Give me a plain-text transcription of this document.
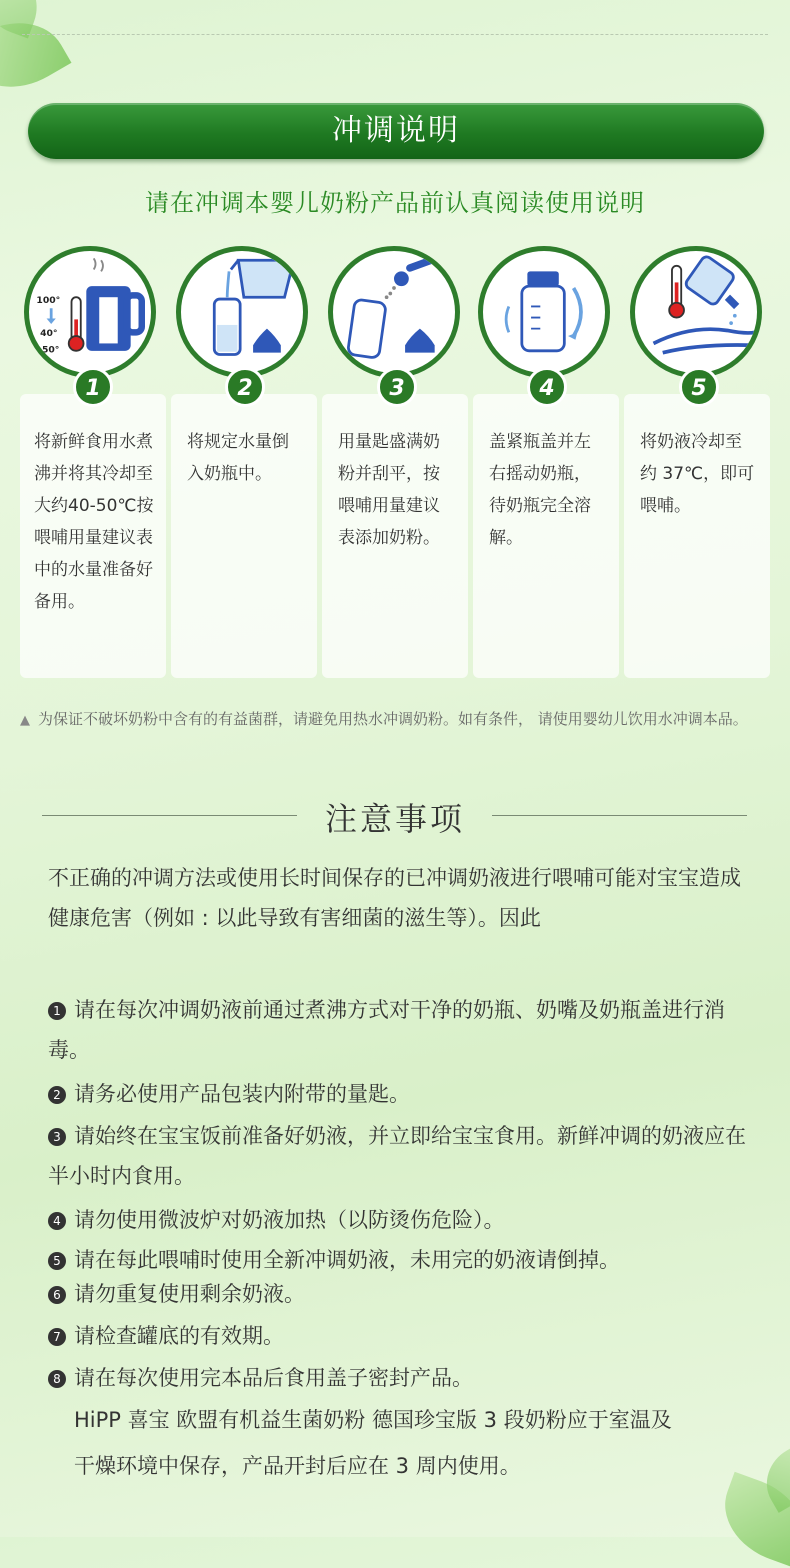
冲调说明
请在冲调本婴儿奶粉产品前认真阅读使用说明
100°
40°
50°
将新鲜食用水煮沸并将其冷却至大约40-50℃按喂哺用量建议表中的水量准备好备用。
将规定水量倒入奶瓶中。
用量匙盛满奶粉并刮平，按喂哺用量建议表添加奶粉。
盖紧瓶盖并左右摇动奶瓶，待奶瓶完全溶解。
将奶液冷却至约 37℃，即可喂哺。
1	2	3	4	5
▲ 为保证不破坏奶粉中含有的有益菌群，请避免用热水冲调奶粉。如有条件， 请使用婴幼儿饮用水冲调本品。
注意事项
不正确的冲调方法或使用长时间保存的已冲调奶液进行喂哺可能对宝宝造成健康危害（例如 : 以此导致有害细菌的滋生等）。因此
1 请在每次冲调奶液前通过煮沸方式对干净的奶瓶、奶嘴及奶瓶盖进行消毒。
2 请务必使用产品包装内附带的量匙。
3 请始终在宝宝饭前准备好奶液，并立即给宝宝食用。新鲜冲调的奶液应在半小时内食用。
4 请勿使用微波炉对奶液加热（以防烫伤危险）。
5 请在每此喂哺时使用全新冲调奶液，未用完的奶液请倒掉。
6 请勿重复使用剩余奶液。
7 请检查罐底的有效期。
8 请在每次使用完本品后食用盖子密封产品。
HiPP 喜宝 欧盟有机益生菌奶粉 德国珍宝版 3 段奶粉应于室温及
干燥环境中保存，产品开封后应在 3 周内使用。
